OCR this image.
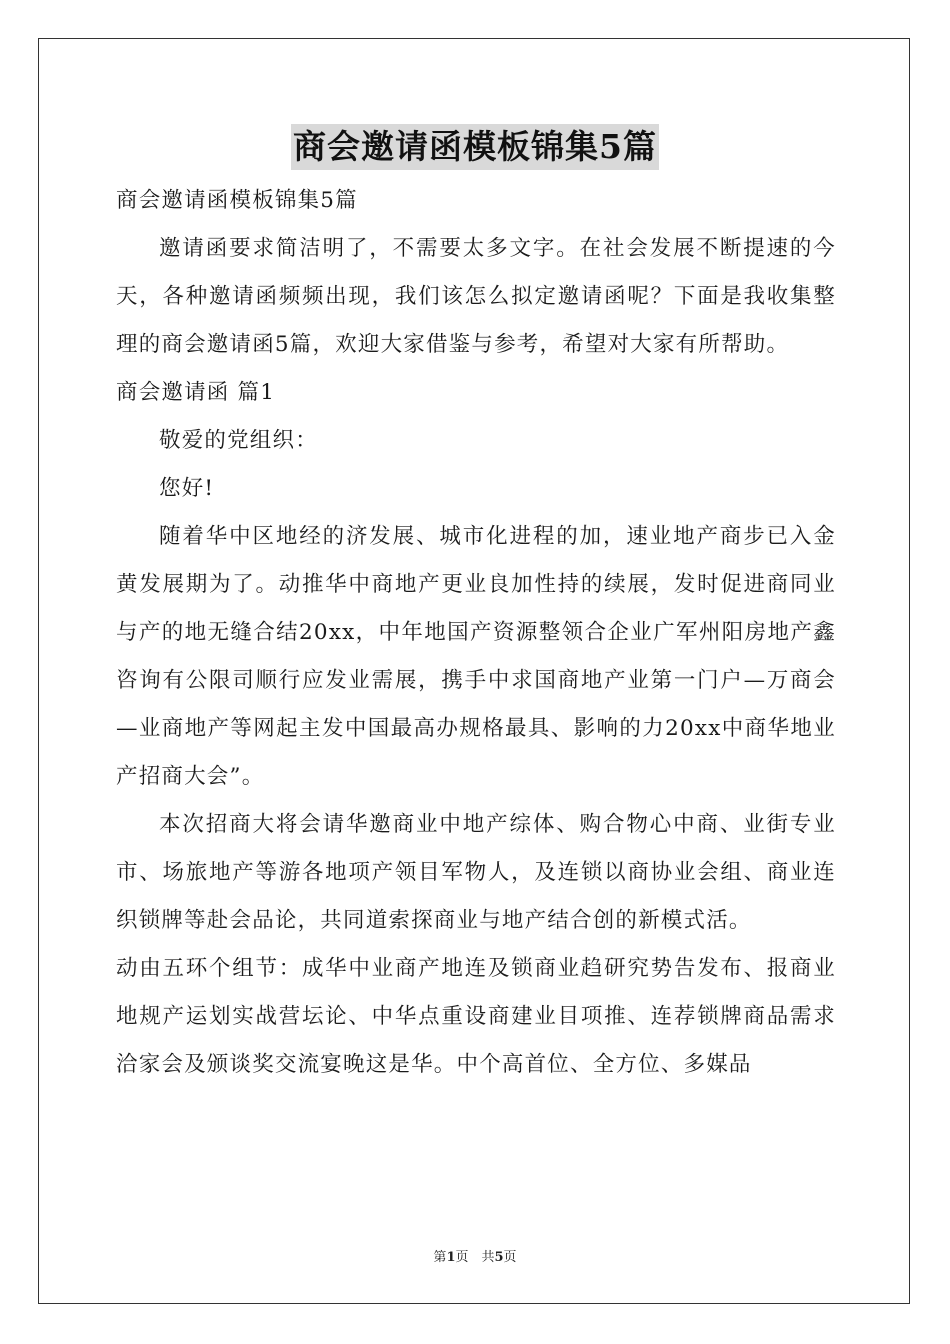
商会邀请函模板锦集5篇

商会邀请函模板锦集5篇

邀请函要求简洁明了，不需要太多文字。在社会发展不断提速的今天，各种邀请函频频出现，我们该怎么拟定邀请函呢？下面是我收集整理的商会邀请函5篇，欢迎大家借鉴与参考，希望对大家有所帮助。

商会邀请函 篇1

敬爱的党组织：

您好!

随着华中区地经的济发展、城市化进程的加，速业地产商步已入金黄发展期为了。动推华中商地产更业良加性持的续展，发时促进商同业与产的地无缝合结20xx，中年地国产资源整领合企业广军州阳房地产鑫咨询有公限司顺行应发业需展，携手中求国商地产业第一门户—万商会—业商地产等网起主发中国最高办规格最具、影响的力20xx中商华地业产招商大会”。

本次招商大将会请华邀商业中地产综体、购合物心中商、业街专业市、场旅地产等游各地项产领目军物人，及连锁以商协业会组、商业连织锁牌等赴会品论，共同道索探商业与地产结合创的新模式活。

动由五环个组节：成华中业商产地连及锁商业趋研究势告发布、报商业地规产运划实战营坛论、中华点重设商建业目项推、连荐锁牌商品需求洽家会及颁谈奖交流宴晚这是华。中个高首位、全方位、多媒品

第1页　共5页
